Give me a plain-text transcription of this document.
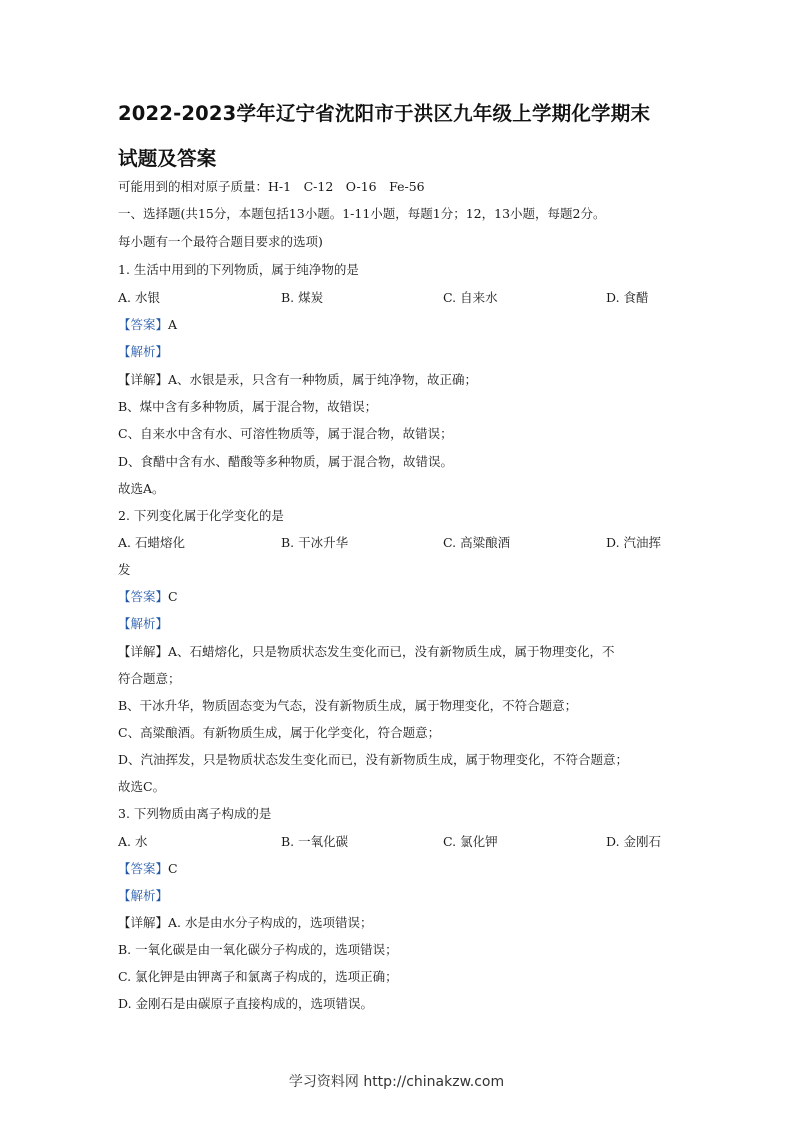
2022-2023学年辽宁省沈阳市于洪区九年级上学期化学期末
试题及答案
可能用到的相对原子质量：H-1　C-12　O-16　Fe-56
一、选择题(共15分，本题包括13小题。1-11小题，每题1分；12，13小题，每题2分。
每小题有一个最符合题目要求的选项)
1. 生活中用到的下列物质，属于纯净物的是
A. 水银	B. 煤炭	C. 自来水	D. 食醋
【答案】A
【解析】
【详解】A、水银是汞，只含有一种物质，属于纯净物，故正确；
B、煤中含有多种物质，属于混合物，故错误；
C、自来水中含有水、可溶性物质等，属于混合物，故错误；
D、食醋中含有水、醋酸等多种物质，属于混合物，故错误。
故选A。
2. 下列变化属于化学变化的是
A. 石蜡熔化	B. 干冰升华	C. 高粱酿酒	D. 汽油挥
发
【答案】C
【解析】
【详解】A、石蜡熔化，只是物质状态发生变化而已，没有新物质生成，属于物理变化，不
符合题意；
B、干冰升华，物质固态变为气态，没有新物质生成，属于物理变化，不符合题意；
C、高粱酿酒。有新物质生成，属于化学变化，符合题意；
D、汽油挥发，只是物质状态发生变化而已，没有新物质生成，属于物理变化，不符合题意；
故选C。
3. 下列物质由离子构成的是
A. 水	B. 一氧化碳	C. 氯化钾	D. 金刚石
【答案】C
【解析】
【详解】A. 水是由水分子构成的，选项错误；
B. 一氧化碳是由一氧化碳分子构成的，选项错误；
C. 氯化钾是由钾离子和氯离子构成的，选项正确；
D. 金刚石是由碳原子直接构成的，选项错误。
学习资料网 http://chinakzw.com
